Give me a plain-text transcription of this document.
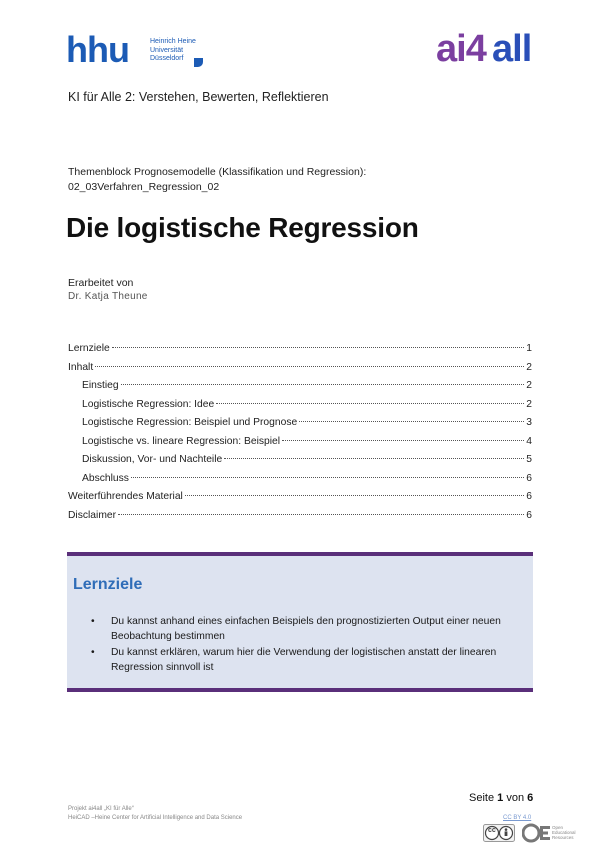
hhu	Heinrich Heine
Universität
Düsseldorf	ai4 all
KI für Alle 2: Verstehen, Bewerten, Reflektieren
Themenblock Prognosemodelle (Klassifikation und Regression):
02_03Verfahren_Regression_02
Die logistische Regression
Erarbeitet von
Dr. Katja Theune
Lernziele	1
Inhalt	2
Einstieg	2
Logistische Regression: Idee	2
Logistische Regression: Beispiel und Prognose	3
Logistische vs. lineare Regression: Beispiel	4
Diskussion, Vor- und Nachteile	5
Abschluss	6
Weiterführendes Material	6
Disclaimer	6
Lernziele
• Du kannst anhand eines einfachen Beispiels den prognostizierten Output einer neuen Beobachtung bestimmen
• Du kannst erklären, warum hier die Verwendung der logistischen anstatt der linearen Regression sinnvoll ist
Seite 1 von 6
Projekt ai4all „KI für Alle“
HeiCAD –Heine Center for Artificial Intelligence and Data Science	CC BY 4.0
cc	Open
Educational
Resources
